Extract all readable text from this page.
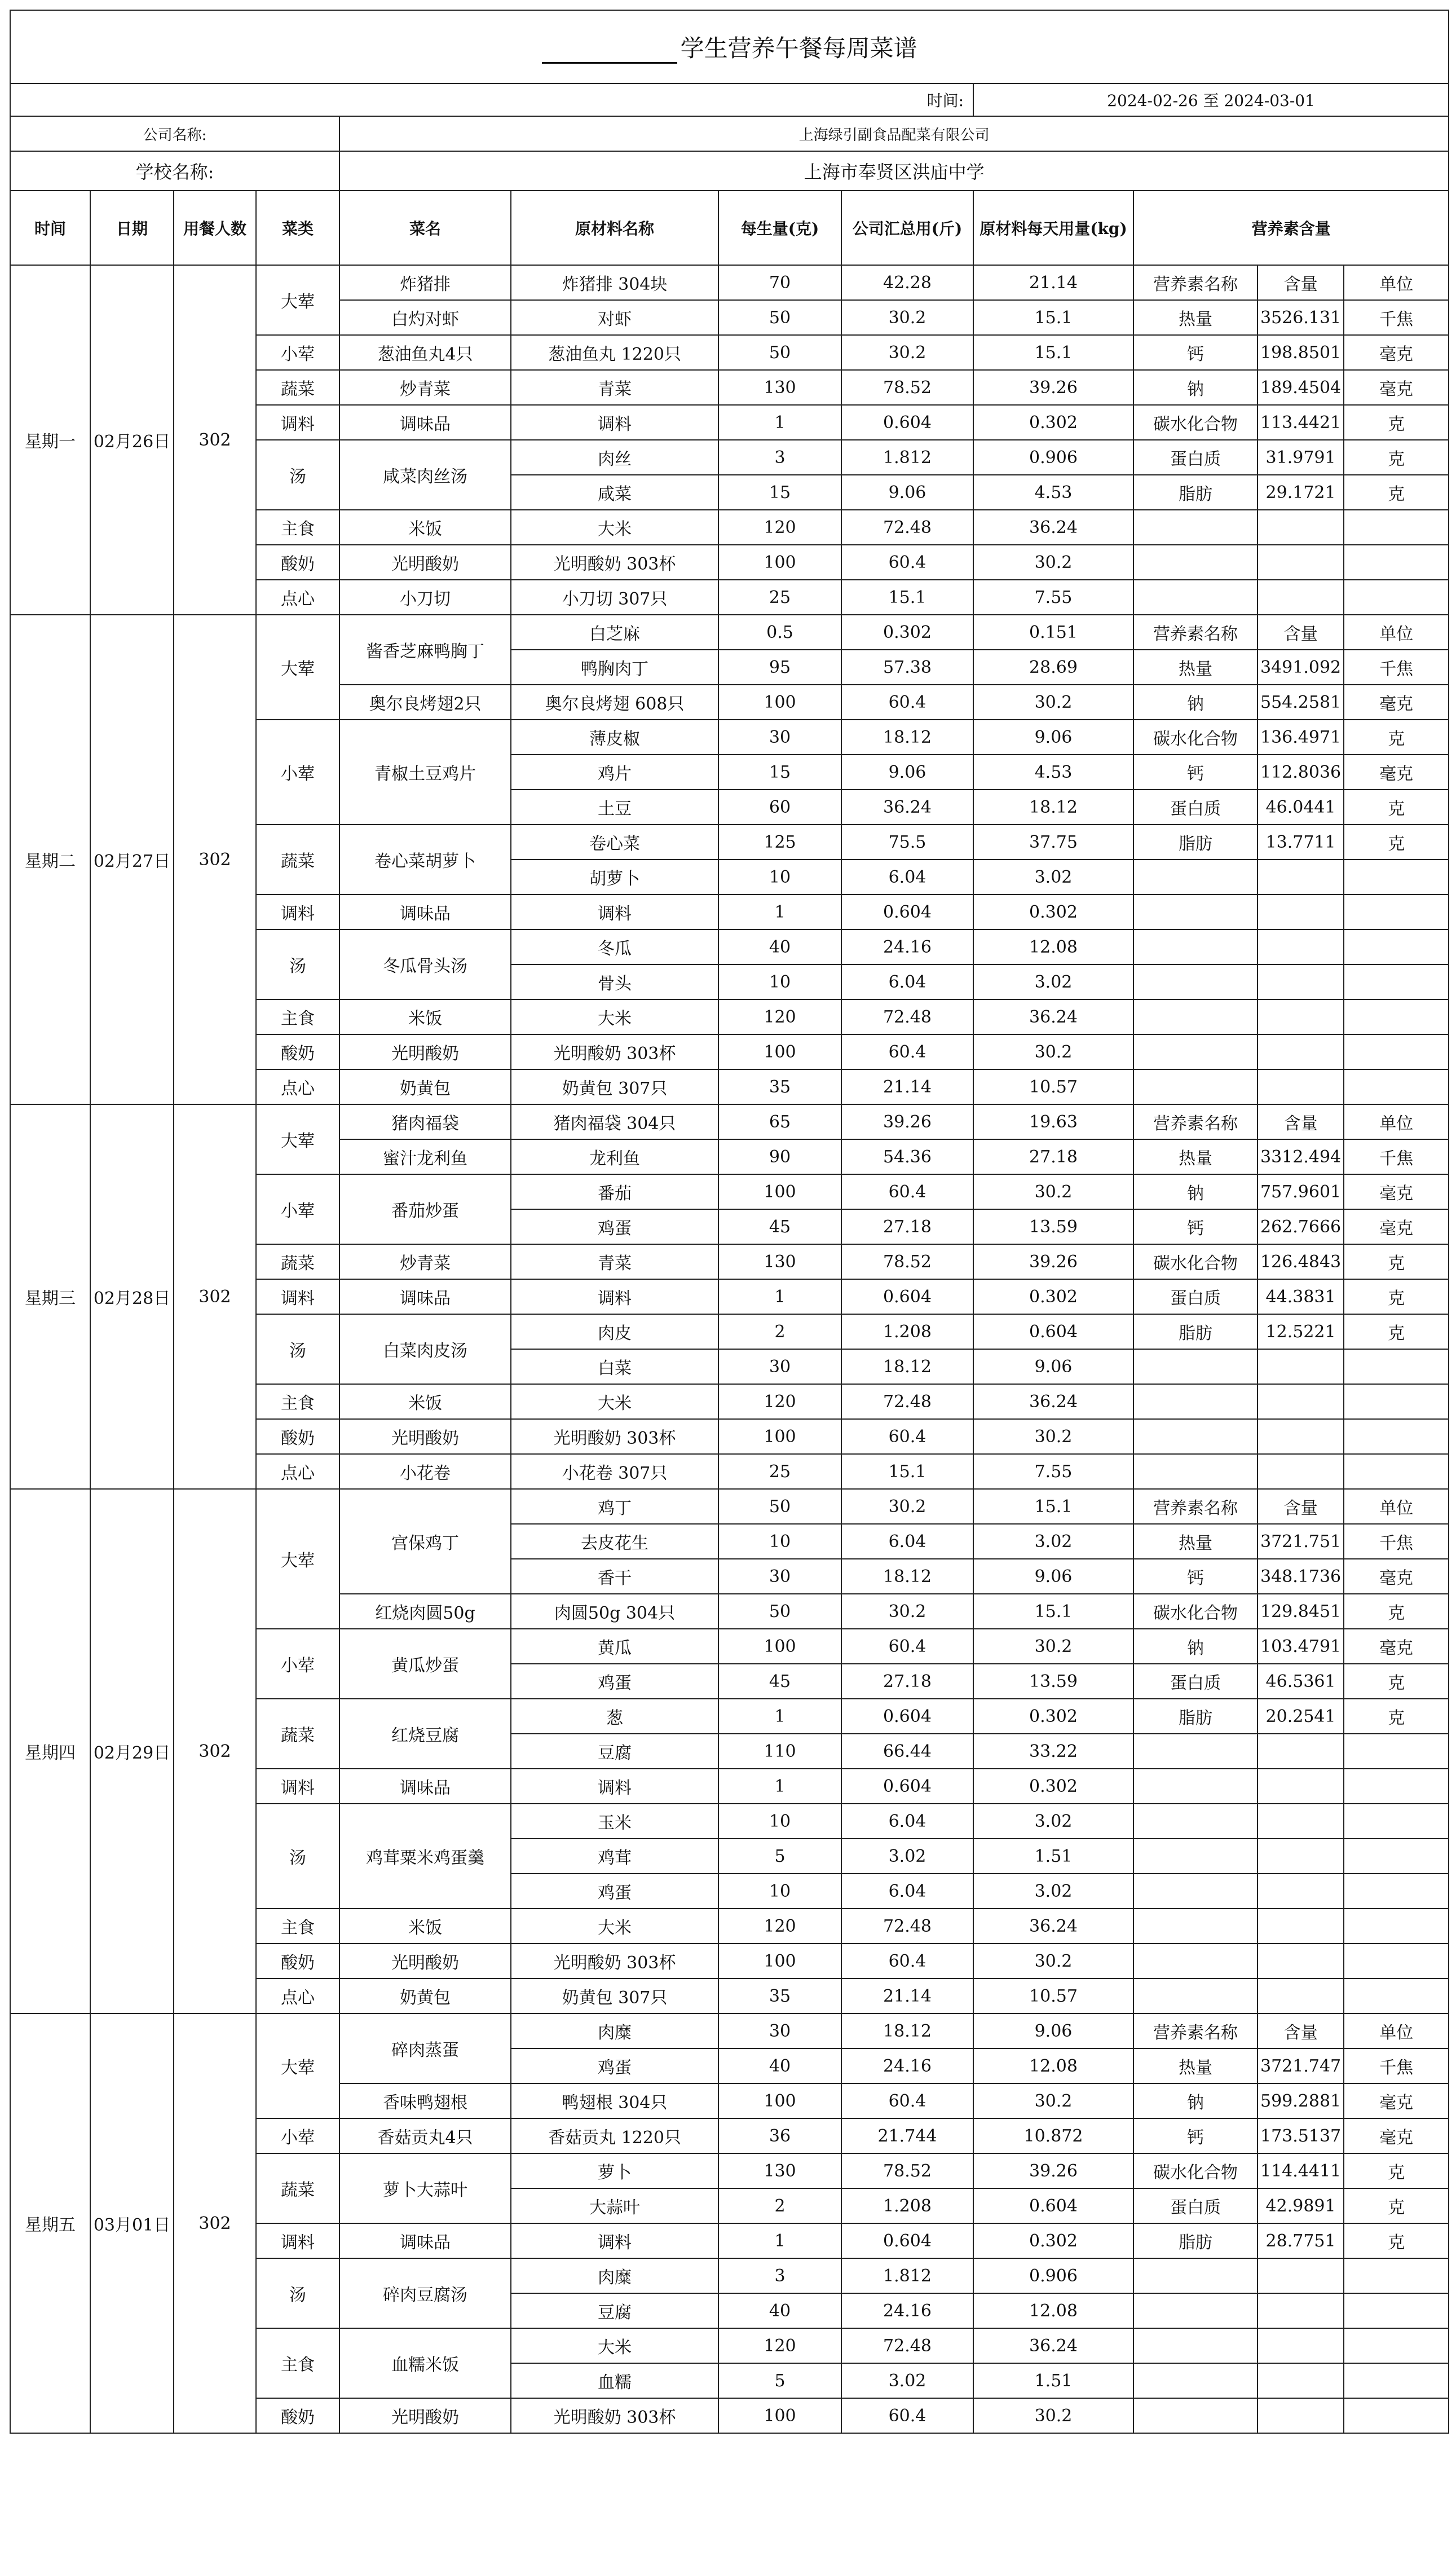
学生营养午餐每周菜谱											
时间:								2024-02-26 至 2024-03-01			
公司名称:				上海绿引副食品配菜有限公司							
学校名称:				上海市奉贤区洪庙中学							
时间	日期	用餐人数	菜类	菜名	原材料名称	每生量(克)	公司汇总用(斤)	原材料每天用量(kg)	营养素含量		
星期一	02月26日	302	大荤	炸猪排	炸猪排 304块	70	42.28	21.14	营养素名称	含量	单位
				白灼对虾	对虾	50	30.2	15.1	热量	3526.131	千焦
			小荤	葱油鱼丸4只	葱油鱼丸 1220只	50	30.2	15.1	钙	198.8501	毫克
			蔬菜	炒青菜	青菜	130	78.52	39.26	钠	189.4504	毫克
			调料	调味品	调料	1	0.604	0.302	碳水化合物	113.4421	克
			汤	咸菜肉丝汤	肉丝	3	1.812	0.906	蛋白质	31.9791	克
					咸菜	15	9.06	4.53	脂肪	29.1721	克
			主食	米饭	大米	120	72.48	36.24			
			酸奶	光明酸奶	光明酸奶 303杯	100	60.4	30.2			
			点心	小刀切	小刀切 307只	25	15.1	7.55			
星期二	02月27日	302	大荤	酱香芝麻鸭胸丁	白芝麻	0.5	0.302	0.151	营养素名称	含量	单位
					鸭胸肉丁	95	57.38	28.69	热量	3491.092	千焦
				奥尔良烤翅2只	奥尔良烤翅 608只	100	60.4	30.2	钠	554.2581	毫克
			小荤	青椒土豆鸡片	薄皮椒	30	18.12	9.06	碳水化合物	136.4971	克
					鸡片	15	9.06	4.53	钙	112.8036	毫克
					土豆	60	36.24	18.12	蛋白质	46.0441	克
			蔬菜	卷心菜胡萝卜	卷心菜	125	75.5	37.75	脂肪	13.7711	克
					胡萝卜	10	6.04	3.02			
			调料	调味品	调料	1	0.604	0.302			
			汤	冬瓜骨头汤	冬瓜	40	24.16	12.08			
					骨头	10	6.04	3.02			
			主食	米饭	大米	120	72.48	36.24			
			酸奶	光明酸奶	光明酸奶 303杯	100	60.4	30.2			
			点心	奶黄包	奶黄包 307只	35	21.14	10.57			
星期三	02月28日	302	大荤	猪肉福袋	猪肉福袋 304只	65	39.26	19.63	营养素名称	含量	单位
				蜜汁龙利鱼	龙利鱼	90	54.36	27.18	热量	3312.494	千焦
			小荤	番茄炒蛋	番茄	100	60.4	30.2	钠	757.9601	毫克
					鸡蛋	45	27.18	13.59	钙	262.7666	毫克
			蔬菜	炒青菜	青菜	130	78.52	39.26	碳水化合物	126.4843	克
			调料	调味品	调料	1	0.604	0.302	蛋白质	44.3831	克
			汤	白菜肉皮汤	肉皮	2	1.208	0.604	脂肪	12.5221	克
					白菜	30	18.12	9.06			
			主食	米饭	大米	120	72.48	36.24			
			酸奶	光明酸奶	光明酸奶 303杯	100	60.4	30.2			
			点心	小花卷	小花卷 307只	25	15.1	7.55			
星期四	02月29日	302	大荤	宫保鸡丁	鸡丁	50	30.2	15.1	营养素名称	含量	单位
					去皮花生	10	6.04	3.02	热量	3721.751	千焦
					香干	30	18.12	9.06	钙	348.1736	毫克
				红烧肉圆50g	肉圆50g 304只	50	30.2	15.1	碳水化合物	129.8451	克
			小荤	黄瓜炒蛋	黄瓜	100	60.4	30.2	钠	103.4791	毫克
					鸡蛋	45	27.18	13.59	蛋白质	46.5361	克
			蔬菜	红烧豆腐	葱	1	0.604	0.302	脂肪	20.2541	克
					豆腐	110	66.44	33.22			
			调料	调味品	调料	1	0.604	0.302			
			汤	鸡茸粟米鸡蛋羹	玉米	10	6.04	3.02			
					鸡茸	5	3.02	1.51			
					鸡蛋	10	6.04	3.02			
			主食	米饭	大米	120	72.48	36.24			
			酸奶	光明酸奶	光明酸奶 303杯	100	60.4	30.2			
			点心	奶黄包	奶黄包 307只	35	21.14	10.57			
星期五	03月01日	302	大荤	碎肉蒸蛋	肉糜	30	18.12	9.06	营养素名称	含量	单位
					鸡蛋	40	24.16	12.08	热量	3721.747	千焦
				香味鸭翅根	鸭翅根 304只	100	60.4	30.2	钠	599.2881	毫克
			小荤	香菇贡丸4只	香菇贡丸 1220只	36	21.744	10.872	钙	173.5137	毫克
			蔬菜	萝卜大蒜叶	萝卜	130	78.52	39.26	碳水化合物	114.4411	克
					大蒜叶	2	1.208	0.604	蛋白质	42.9891	克
			调料	调味品	调料	1	0.604	0.302	脂肪	28.7751	克
			汤	碎肉豆腐汤	肉糜	3	1.812	0.906			
					豆腐	40	24.16	12.08			
			主食	血糯米饭	大米	120	72.48	36.24			
					血糯	5	3.02	1.51			
			酸奶	光明酸奶	光明酸奶 303杯	100	60.4	30.2			
